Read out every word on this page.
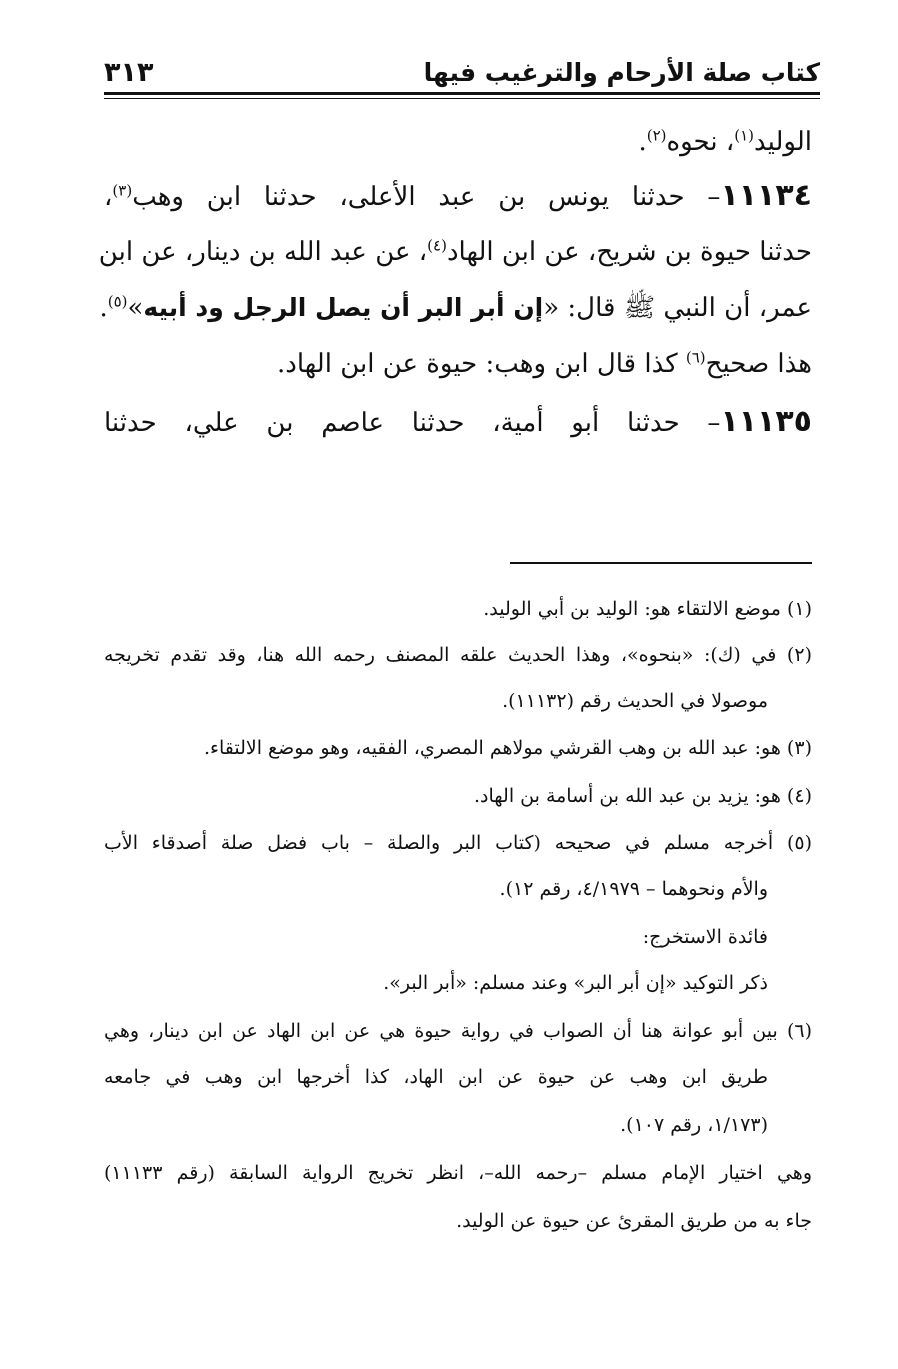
كتاب صلة الأرحام والترغيب فيها
٣١٣
الوليد$^{(١)}$، نحوه$^{(٢)}$.
١١١٣٤– حدثنا يونس بن عبد الأعلى، حدثنا ابن وهب$^{(٣)}$،
حدثنا حيوة بن شريح، عن ابن الهاد$^{(٤)}$، عن عبد الله بن دينار، عن ابن
عمر، أن النبي ﷺ قال: «إن أبر البر أن يصل الرجل ود أبيه»$^{(٥)}$.
هذا صحيح$^{(٦)}$ كذا قال ابن وهب: حيوة عن ابن الهاد.
١١١٣٥– حدثنا أبو أمية، حدثنا عاصم بن علي، حدثنا
(١) موضع الالتقاء هو: الوليد بن أبي الوليد.
(٢) في (ك): «بنحوه»، وهذا الحديث علقه المصنف رحمه الله هنا، وقد تقدم تخريجه
موصولا في الحديث رقم (١١١٣٢).
(٣) هو: عبد الله بن وهب القرشي مولاهم المصري، الفقيه، وهو موضع الالتقاء.
(٤) هو: يزيد بن عبد الله بن أسامة بن الهاد.
(٥) أخرجه مسلم في صحيحه (كتاب البر والصلة – باب فضل صلة أصدقاء الأب
والأم ونحوهما – ٤/١٩٧٩، رقم ١٢).
فائدة الاستخرج:
ذكر التوكيد «إن أبر البر» وعند مسلم: «أبر البر».
(٦) بين أبو عوانة هنا أن الصواب في رواية حيوة هي عن ابن الهاد عن ابن دينار، وهي
طريق ابن وهب عن حيوة عن ابن الهاد، كذا أخرجها ابن وهب في جامعه
(١/١٧٣، رقم ١٠٧).
وهي اختيار الإمام مسلم –رحمه الله–، انظر تخريج الرواية السابقة (رقم ١١١٣٣)
جاء به من طريق المقرئ عن حيوة عن الوليد.
